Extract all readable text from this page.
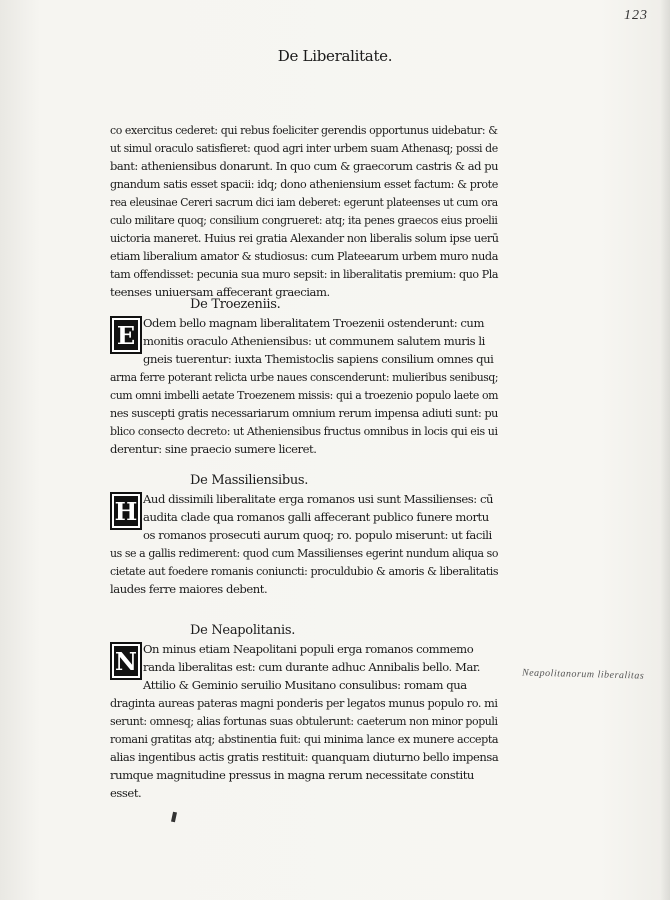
123
De Liberalitate.
co exercitus cederet: qui rebus foeliciter gerendis opportunus uidebatur: &
ut simul oraculo satisfieret: quod agri inter urbem suam Athenasq; possi de
bant: atheniensibus donarunt. In quo cum & graecorum castris & ad pu
gnandum satis esset spacii: idq; dono atheniensium esset factum: & prote
rea eleusinae Cereri sacrum dici iam deberet: egerunt plateenses ut cum ora
culo militare quoq; consilium congrueret: atq; ita penes graecos eius proelii
uictoria maneret. Huius rei gratia Alexander non liberalis solum ipse uerū
etiam liberalium amator & studiosus: cum Plateearum urbem muro nuda
tam offendisset: pecunia sua muro sepsit: in liberalitatis premium: quo Pla
teenses uniuersam affecerant graeciam.
De Troezeniis.
E Odem bello magnam liberalitatem Troezenii ostenderunt: cum
monitis oraculo Atheniensibus: ut communem salutem muris li
gneis tuerentur: iuxta Themistoclis sapiens consilium omnes qui
arma ferre poterant relicta urbe naues conscenderunt: mulieribus senibusq;
cum omni imbelli aetate Troezenem missis: qui a troezenio populo laete om
nes suscepti gratis necessariarum omnium rerum impensa adiuti sunt: pu
blico consecto decreto: ut Atheniensibus fructus omnibus in locis qui eis ui
derentur: sine praecio sumere liceret.
De Massiliensibus.
H Aud dissimili liberalitate erga romanos usi sunt Massilienses: cū
audita clade qua romanos galli affecerant publico funere mortu
os romanos prosecuti aurum quoq; ro. populo miserunt: ut facili
us se a gallis redimerent: quod cum Massilienses egerint nundum aliqua so
cietate aut foedere romanis coniuncti: proculdubio & amoris & liberalitatis
laudes ferre maiores debent.
De Neapolitanis.
N On minus etiam Neapolitani populi erga romanos commemo
randa liberalitas est: cum durante adhuc Annibalis bello. Mar.
Attilio & Geminio seruilio Musitano consulibus: romam qua
draginta aureas pateras magni ponderis per legatos munus populo ro. mi
serunt: omnesq; alias fortunas suas obtulerunt: caeterum non minor populi
romani gratitas atq; abstinentia fuit: qui minima lance ex munere accepta
alias ingentibus actis gratis restituit: quanquam diuturno bello impensa
rumque magnitudine pressus in magna rerum necessitate constitu
esset.
Neapolitanorum liberalitas
